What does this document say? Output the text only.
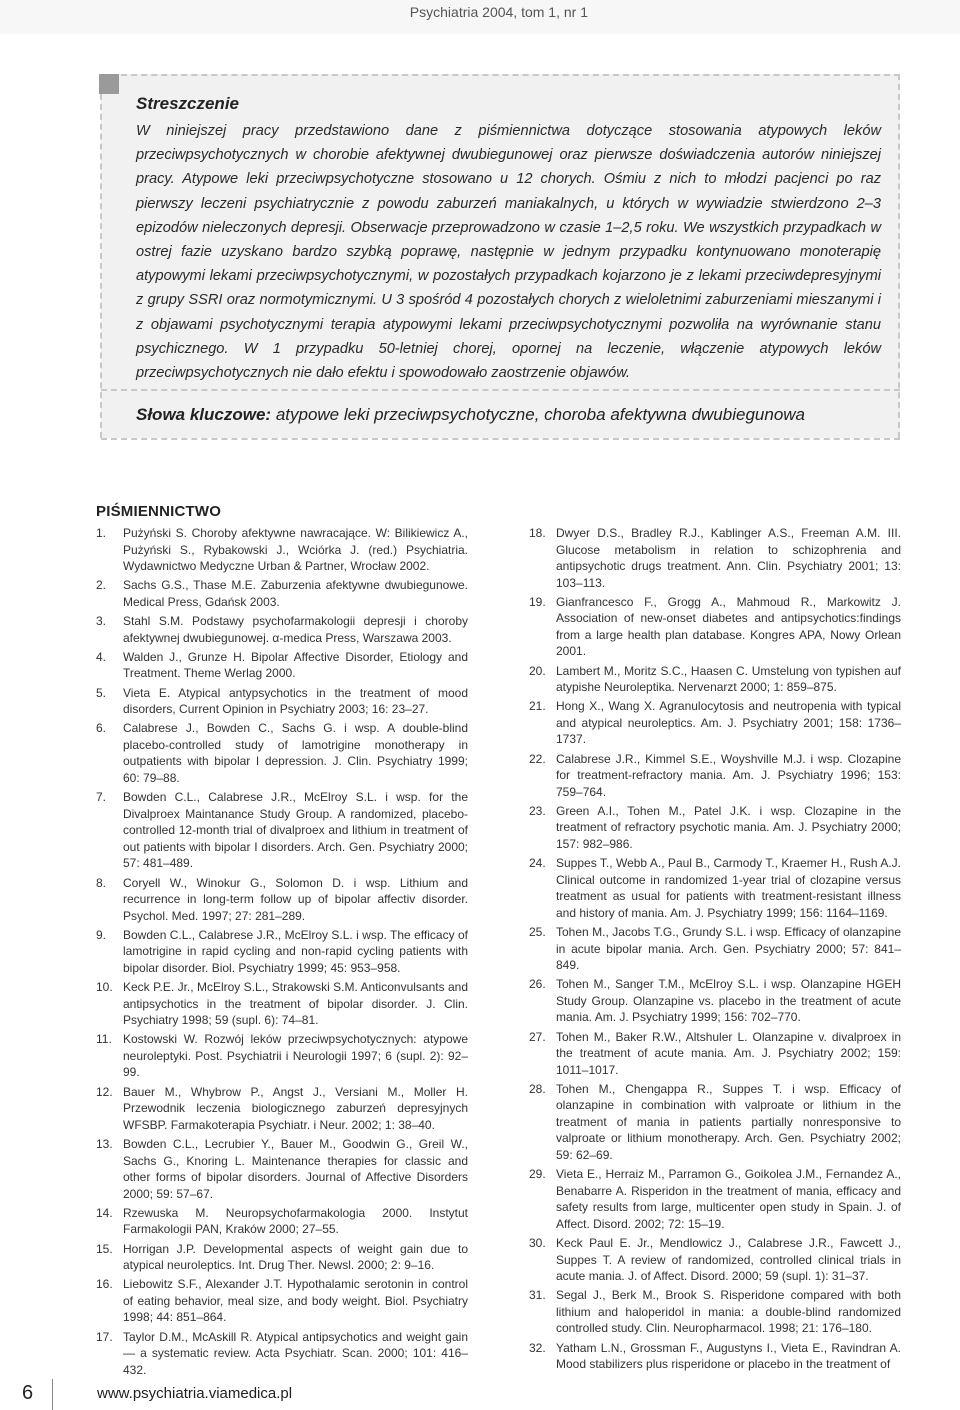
Psychiatria 2004, tom 1, nr 1
Streszczenie

W niniejszej pracy przedstawiono dane z piśmiennictwa dotyczące stosowania atypowych leków przeciwpsychotycznych w chorobie afektywnej dwubiegunowej oraz pierwsze doświadczenia autorów niniejszej pracy. Atypowe leki przeciwpsychotyczne stosowano u 12 chorych. Ośmiu z nich to młodzi pacjenci po raz pierwszy leczeni psychiatrycznie z powodu zaburzeń maniakalnych, u których w wywiadzie stwierdzono 2–3 epizodów nieleczonych depresji. Obserwacje przeprowadzono w czasie 1–2,5 roku. We wszystkich przypadkach w ostrej fazie uzyskano bardzo szybką poprawę, następnie w jednym przypadku kontynuowano monoterapię atypowymi lekami przeciwpsychotycznymi, w pozostałych przypadkach kojarzono je z lekami przeciwdepresyjnymi z grupy SSRI oraz normotymicznymi. U 3 spośród 4 pozostałych chorych z wieloletnimi zaburzeniami mieszanymi i z objawami psychotycznymi terapia atypowymi lekami przeciwpsychotycznymi pozwoliła na wyrównanie stanu psychicznego. W 1 przypadku 50-letniej chorej, opornej na leczenie, włączenie atypowych leków przeciwpsychotycznych nie dało efektu i spowodowało zaostrzenie objawów.

Słowa kluczowe: atypowe leki przeciwpsychotyczne, choroba afektywna dwubiegunowa
PIŚMIENNICTWO
1.	Pużyński S. Choroby afektywne nawracające. W: Bilikiewicz A., Pużyński S., Rybakowski J., Wciórka J. (red.) Psychiatria. Wydawnictwo Medyczne Urban & Partner, Wrocław 2002.
2.	Sachs G.S., Thase M.E. Zaburzenia afektywne dwubiegunowe. Medical Press, Gdańsk 2003.
3.	Stahl S.M. Podstawy psychofarmakologii depresji i choroby afektywnej dwubiegunowej. α-medica Press, Warszawa 2003.
4.	Walden J., Grunze H. Bipolar Affective Disorder, Etiology and Treatment. Theme Werlag 2000.
5.	Vieta E. Atypical antypsychotics in the treatment of mood disorders, Current Opinion in Psychiatry 2003; 16: 23–27.
6.	Calabrese J., Bowden C., Sachs G. i wsp. A double-blind placebo-controlled study of lamotrigine monotherapy in outpatients with bipolar I depression. J. Clin. Psychiatry 1999; 60: 79–88.
7.	Bowden C.L., Calabrese J.R., McElroy S.L. i wsp. for the Divalproex Maintanance Study Group. A randomized, placebo-controlled 12-month trial of divalproex and lithium in treatment of out patients with bipolar I disorders. Arch. Gen. Psychiatry 2000; 57: 481–489.
8.	Coryell W., Winokur G., Solomon D. i wsp. Lithium and recurrence in long-term follow up of bipolar affectiv disorder. Psychol. Med. 1997; 27: 281–289.
9.	Bowden C.L., Calabrese J.R., McElroy S.L. i wsp. The efficacy of lamotrigine in rapid cycling and non-rapid cycling patients with bipolar disorder. Biol. Psychiatry 1999; 45: 953–958.
10. Keck P.E. Jr., McElroy S.L., Strakowski S.M. Anticonvulsants and antipsychotics in the treatment of bipolar disorder. J. Clin. Psychiatry 1998; 59 (supl. 6): 74–81.
11. Kostowski W. Rozwój leków przeciwpsychotycznych: atypowe neuroleptyki. Post. Psychiatrii i Neurologii 1997; 6 (supl. 2): 92–99.
12. Bauer M., Whybrow P., Angst J., Versiani M., Moller H. Przewodnik leczenia biologicznego zaburzeń depresyjnych WFSBP. Farmakoterapia Psychiatr. i Neur. 2002; 1: 38–40.
13. Bowden C.L., Lecrubier Y., Bauer M., Goodwin G., Greil W., Sachs G., Knoring L. Maintenance therapies for classic and other forms of bipolar disorders. Journal of Affective Disorders 2000; 59: 57–67.
14. Rzewuska M. Neuropsychofarmakologia 2000. Instytut Farmakologii PAN, Kraków 2000; 27–55.
15. Horrigan J.P. Developmental aspects of weight gain due to atypical neuroleptics. Int. Drug Ther. Newsl. 2000; 2: 9–16.
16. Liebowitz S.F., Alexander J.T. Hypothalamic serotonin in control of eating behavior, meal size, and body weight. Biol. Psychiatry 1998; 44: 851–864.
17. Taylor D.M., McAskill R. Atypical antipsychotics and weight gain — a systematic review. Acta Psychiatr. Scan. 2000; 101: 416–432.
18. Dwyer D.S., Bradley R.J., Kablinger A.S., Freeman A.M. III. Glucose metabolism in relation to schizophrenia and antipsychotic drugs treatment. Ann. Clin. Psychiatry 2001; 13: 103–113.
19. Gianfrancesco F., Grogg A., Mahmoud R., Markowitz J. Association of new-onset diabetes and antipsychotics:findings from a large health plan database. Kongres APA, Nowy Orlean 2001.
20. Lambert M., Moritz S.C., Haasen C. Umstelung von typishen auf atypishe Neuroleptika. Nervenarzt 2000; 1: 859–875.
21. Hong X., Wang X. Agranulocytosis and neutropenia with typical and atypical neuroleptics. Am. J. Psychiatry 2001; 158: 1736–1737.
22. Calabrese J.R., Kimmel S.E., Woyshville M.J. i wsp. Clozapine for treatment-refractory mania. Am. J. Psychiatry 1996; 153: 759–764.
23. Green A.I., Tohen M., Patel J.K. i wsp. Clozapine in the treatment of refractory psychotic mania. Am. J. Psychiatry 2000; 157: 982–986.
24. Suppes T., Webb A., Paul B., Carmody T., Kraemer H., Rush A.J. Clinical outcome in randomized 1-year trial of clozapine versus treatment as usual for patients with treatment-resistant illness and history of mania. Am. J. Psychiatry 1999; 156: 1164–1169.
25. Tohen M., Jacobs T.G., Grundy S.L. i wsp. Efficacy of olanzapine in acute bipolar mania. Arch. Gen. Psychiatry 2000; 57: 841–849.
26. Tohen M., Sanger T.M., McElroy S.L. i wsp. Olanzapine HGEH Study Group. Olanzapine vs. placebo in the treatment of acute mania. Am. J. Psychiatry 1999; 156: 702–770.
27. Tohen M., Baker R.W., Altshuler L. Olanzapine v. divalproex in the treatment of acute mania. Am. J. Psychiatry 2002; 159: 1011–1017.
28. Tohen M., Chengappa R., Suppes T. i wsp. Efficacy of olanzapine in combination with valproate or lithium in the treatment of mania in patients partially nonresponsive to valproate or lithium monotherapy. Arch. Gen. Psychiatry 2002; 59: 62–69.
29. Vieta E., Herraiz M., Parramon G., Goikolea J.M., Fernandez A., Benabarre A. Risperidon in the treatment of mania, efficacy and safety results from large, multicenter open study in Spain. J. of Affect. Disord. 2002; 72: 15–19.
30. Keck Paul E. Jr., Mendlowicz J., Calabrese J.R., Fawcett J., Suppes T. A review of randomized, controlled clinical trials in acute mania. J. of Affect. Disord. 2000; 59 (supl. 1): 31–37.
31. Segal J., Berk M., Brook S. Risperidone compared with both lithium and haloperidol in mania: a double-blind randomized controlled study. Clin. Neuropharmacol. 1998; 21: 176–180.
32. Yatham L.N., Grossman F., Augustyns I., Vieta E., Ravindran A. Mood stabilizers plus risperidone or placebo in the treatment of
6	www.psychiatria.viamedica.pl
